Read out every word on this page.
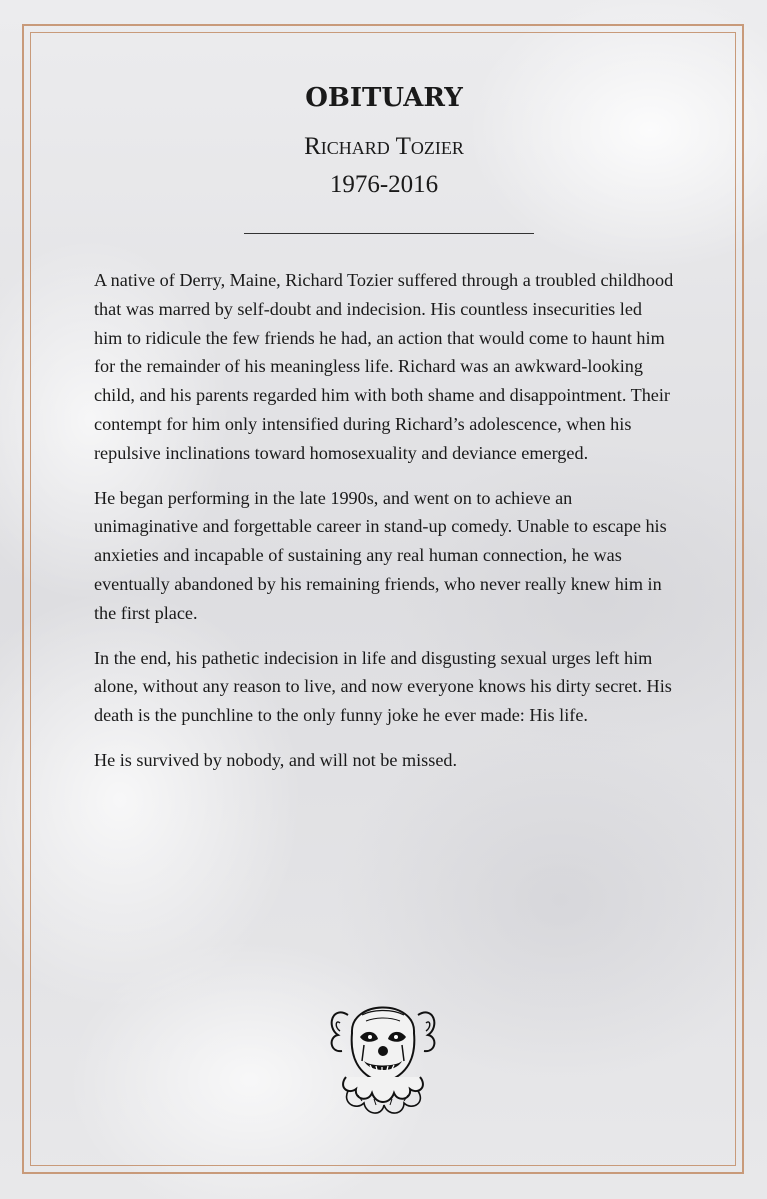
OBITUARY
Richard Tozier
1976-2016

A native of Derry, Maine, Richard Tozier suffered through a troubled childhood that was marred by self-doubt and indecision. His countless insecurities led him to ridicule the few friends he had, an action that would come to haunt him for the remainder of his meaningless life. Richard was an awkward-looking child, and his parents regarded him with both shame and disappointment. Their contempt for him only intensified during Richard’s adolescence, when his repulsive inclinations toward homosexuality and deviance emerged.

He began performing in the late 1990s, and went on to achieve an unimaginative and forgettable career in stand-up comedy. Unable to escape his anxieties and incapable of sustaining any real human connection, he was eventually abandoned by his remaining friends, who never really knew him in the first place.

In the end, his pathetic indecision in life and disgusting sexual urges left him alone, without any reason to live, and now everyone knows his dirty secret. His death is the punchline to the only funny joke he ever made: His life.

He is survived by nobody, and will not be missed.
